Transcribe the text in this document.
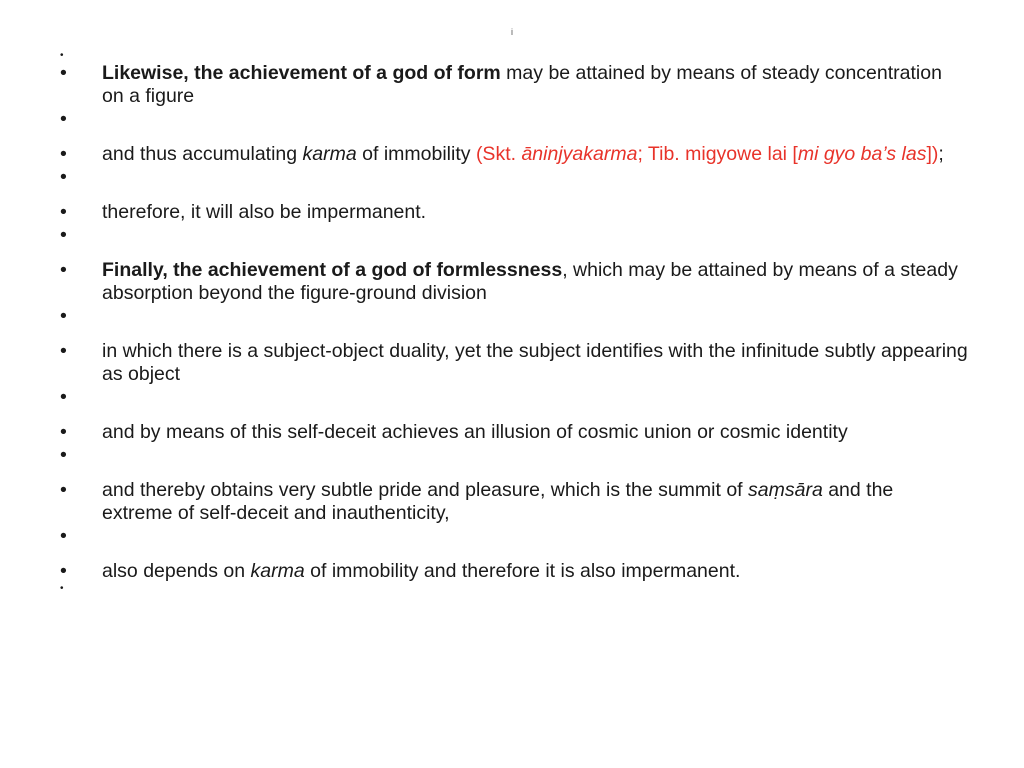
i
•
•	Likewise, the achievement of a god of form may be attained by means of steady concentration on a figure
•
•	and thus accumulating karma of immobility (Skt. āninjyakarma; Tib. migyowe lai [mi gyo ba’s las]);
•
•	therefore, it will also be impermanent.
•
•	Finally, the achievement of a god of formlessness, which may be attained by means of a steady absorption beyond the figure-ground division
•
•	in which there is a subject-object duality, yet the subject identifies with the infinitude subtly appearing as object
•
•	and by means of this self-deceit achieves an illusion of cosmic union or cosmic identity
•
•	and thereby obtains very subtle pride and pleasure, which is the summit of saṃsāra and the extreme of self-deceit and inauthenticity,
•
•	also depends on karma of immobility and therefore it is also impermanent.
•
